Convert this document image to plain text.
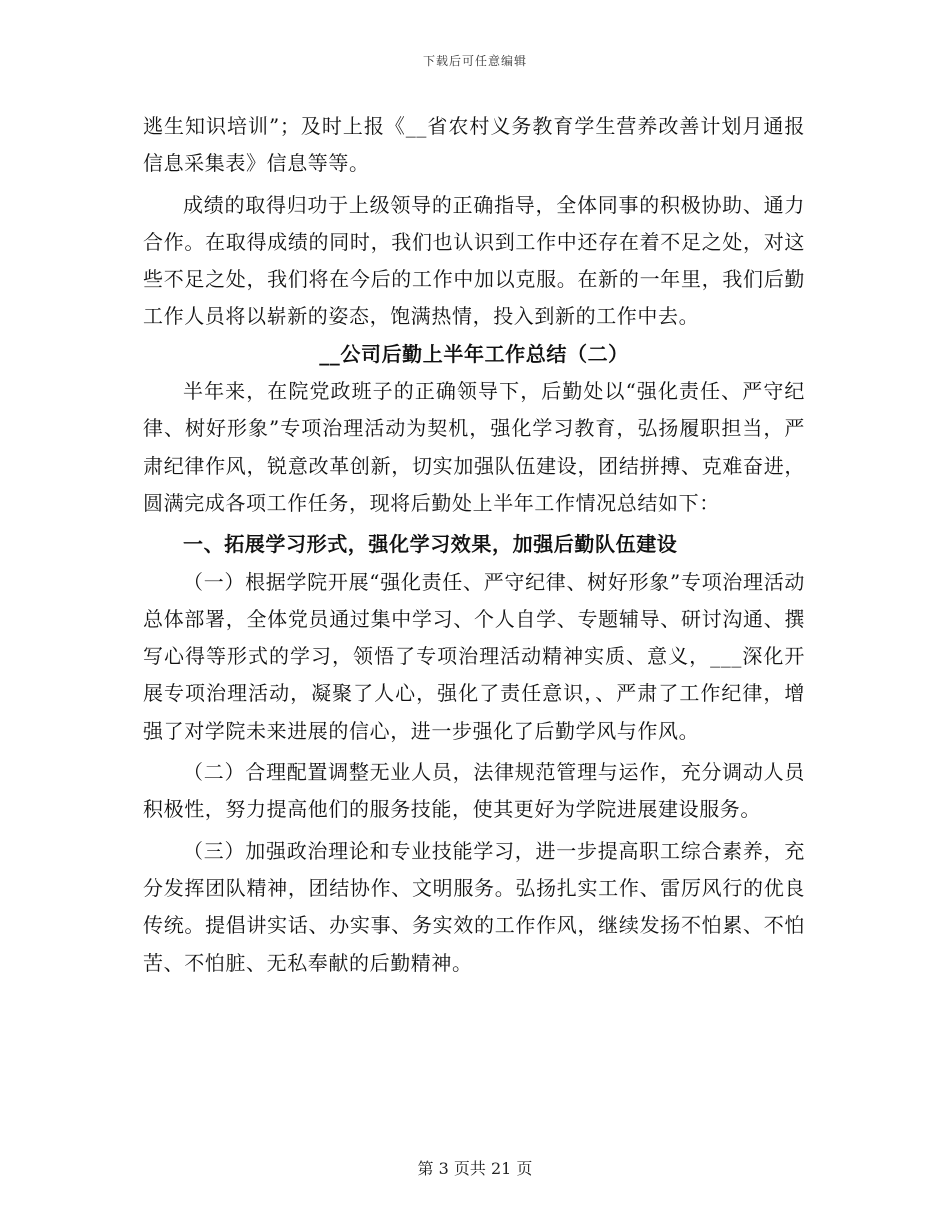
下载后可任意编辑

逃生知识培训”；及时上报《__省农村义务教育学生营养改善计划月通报信息采集表》信息等等。

成绩的取得归功于上级领导的正确指导，全体同事的积极协助、通力合作。在取得成绩的同时，我们也认识到工作中还存在着不足之处，对这些不足之处，我们将在今后的工作中加以克服。在新的一年里，我们后勤工作人员将以崭新的姿态，饱满热情，投入到新的工作中去。

__公司后勤上半年工作总结（二）

半年来，在院党政班子的正确领导下，后勤处以“强化责任、严守纪律、树好形象”专项治理活动为契机，强化学习教育，弘扬履职担当，严肃纪律作风，锐意改革创新，切实加强队伍建设，团结拼搏、克难奋进，圆满完成各项工作任务，现将后勤处上半年工作情况总结如下：

一、拓展学习形式，强化学习效果，加强后勤队伍建设

（一）根据学院开展“强化责任、严守纪律、树好形象”专项治理活动总体部署，全体党员通过集中学习、个人自学、专题辅导、研讨沟通、撰写心得等形式的学习，领悟了专项治理活动精神实质、意义，___深化开展专项治理活动，凝聚了人心，强化了责任意识，、严肃了工作纪律，增强了对学院未来进展的信心，进一步强化了后勤学风与作风。

（二）合理配置调整无业人员，法律规范管理与运作，充分调动人员积极性，努力提高他们的服务技能，使其更好为学院进展建设服务。

（三）加强政治理论和专业技能学习，进一步提高职工综合素养，充分发挥团队精神，团结协作、文明服务。弘扬扎实工作、雷厉风行的优良传统。提倡讲实话、办实事、务实效的工作作风，继续发扬不怕累、不怕苦、不怕脏、无私奉献的后勤精神。

第 3 页共 21 页
